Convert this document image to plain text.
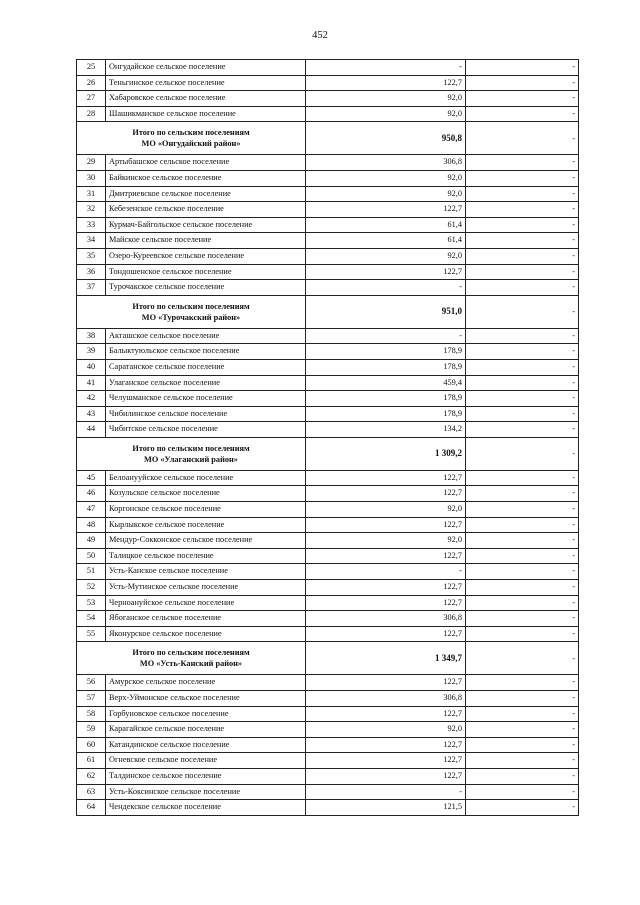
452
25	Онгудайское сельское поселение	-	-
26	Теньгинское сельское поселение	122,7	-
27	Хабаровское сельское поселение	92,0	-
28	Шашикманское сельское поселение	92,0	-

Итого по сельским поселениям
МО «Онгудайский район»		950,8	-
29	Артыбашское сельское поселение	306,8	-
30	Байкинское сельское поселение	92,0	-
31	Дмитриевское сельское поселение	92,0	-
32	Кебезенское сельское поселение	122,7	-
33	Курмач-Байгольское сельское поселение	61,4	-
34	Майское сельское поселение	61,4	-
35	Озеро-Куреевское сельское поселение	92,0	-
36	Тондошенское сельское поселение	122,7	-
37	Турочакское сельское поселение	-	-

Итого по сельским поселениям
МО «Турочакский район»		951,0	-
38	Акташское сельское поселение	-	-
39	Балыктуюльское сельское поселение	178,9	-
40	Саратанское сельское поселение	178,9	-
41	Улаганское сельское поселение	459,4	-
42	Челушманское сельское поселение	178,9	-
43	Чибилинское сельское поселение	178,9	-
44	Чибитское сельское поселение	134,2	-

Итого по сельским поселениям
МО «Улаганский район»		1 309,2	-
45	Белоанууйское сельское поселение	122,7	-
46	Козульское сельское поселение	122,7	-
47	Коргонское сельское поселение	92,0	-
48	Кырлыкское сельское поселение	122,7	-
49	Мендур-Сокконское сельское поселение	92,0	-
50	Талицкое сельское поселение	122,7	-
51	Усть-Канское сельское поселение	-	-
52	Усть-Мутинское сельское поселение	122,7	-
53	Черноануйское сельское поселение	122,7	-
54	Ябоганское сельское поселение	306,8	-
55	Яконурское сельское поселение	122,7	-

Итого по сельским поселениям
МО «Усть-Канский район»		1 349,7	-
56	Амурское сельское поселение	122,7	-
57	Верх-Уймонское сельское поселение	306,8	-
58	Горбуновское сельское поселение	122,7	-
59	Карагайское сельское поселение	92,0	-
60	Катандинское сельское поселение	122,7	-
61	Огневское сельское поселение	122,7	-
62	Талдинское сельское поселение	122,7	-
63	Усть-Коксинское сельское поселение	-	-
64	Чендекское сельское поселение	121,5	-
